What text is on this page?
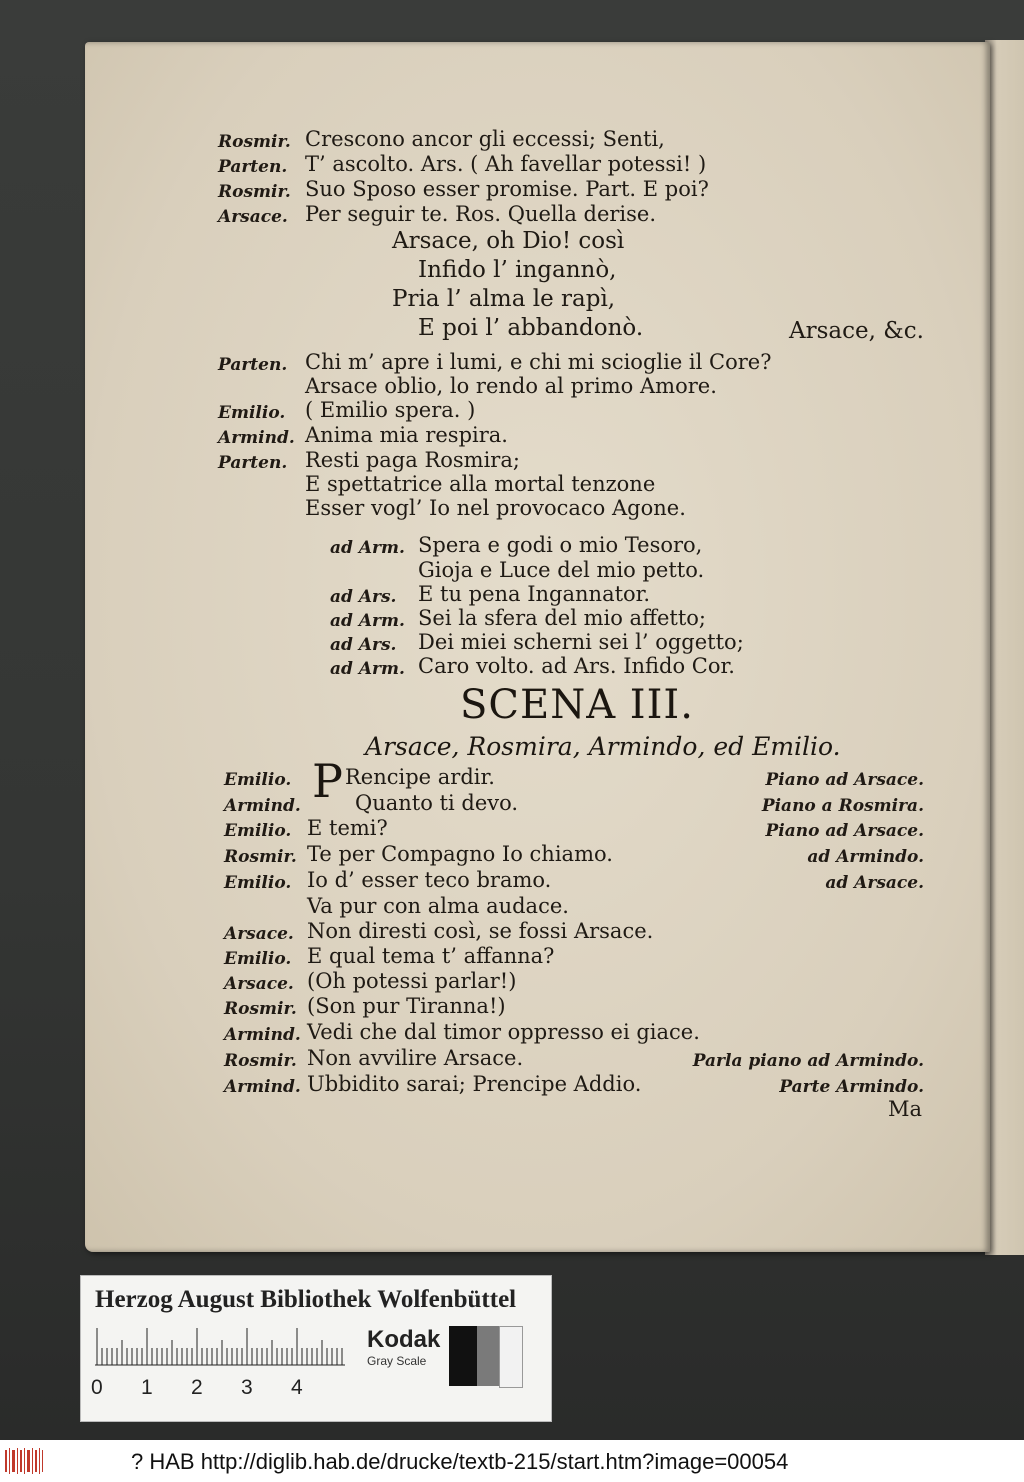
Rosmir. Crescono ancor gli eccessi; Senti,
Parten. T’ ascolto. Ars. ( Ah favellar potessi! )
Rosmir. Suo Sposo esser promise. Part. E poi?
Arsace. Per seguir te. Ros. Quella derise.
Arsace, oh Dio! così
Infido l’ ingannò,
Pria l’ alma le rapì,
E poi l’ abbandonò.	Arsace, &c.
Parten. Chi m’ apre i lumi, e chi mi scioglie il Core?
Arsace oblio, lo rendo al primo Amore.
Emilio. ( Emilio spera. )
Armind. Anima mia respira.
Parten. Resti paga Rosmira;
E spettatrice alla mortal tenzone
Esser vogl’ Io nel provocaco Agone.
ad Arm. Spera e godi o mio Tesoro,
Gioja e Luce del mio petto.
ad Ars. E tu pena Ingannator.
ad Arm. Sei la sfera del mio affetto;
ad Ars. Dei miei scherni sei l’ oggetto;
ad Arm. Caro volto. ad Ars. Infido Cor.
SCENA III.
Arsace, Rosmira, Armindo, ed Emilio.
Emilio. P Rencipe ardir.	Piano ad Arsace.
Armind.	Quanto ti devo.	Piano a Rosmira.
Emilio. E temi?	Piano ad Arsace.
Rosmir. Te per Compagno Io chiamo.	ad Armindo.
Emilio. Io d’ esser teco bramo.	ad Arsace.
Va pur con alma audace.
Arsace. Non diresti così, se fossi Arsace.
Emilio. E qual tema t’ affanna?
Arsace. (Oh potessi parlar!)
Rosmir. (Son pur Tiranna!)
Armind. Vedi che dal timor oppresso ei giace.
Rosmir. Non avvilire Arsace.	Parla piano ad Armindo.
Armind. Ubbidito sarai; Prencipe Addio.	Parte Armindo.
Ma
Herzog August Bibliothek Wolfenbüttel
0 1 2 3 4
Kodak
Gray Scale
? HAB http://diglib.hab.de/drucke/textb-215/start.htm?image=00054
